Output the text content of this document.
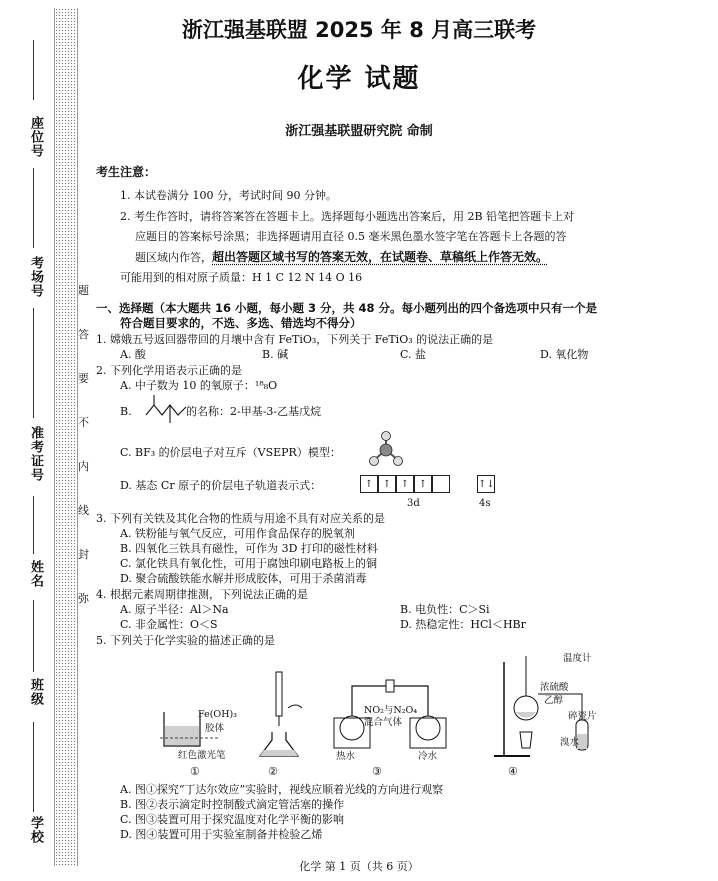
座位号
考场号
准考证号
姓名
班级
学校
题
答
要
不
内
线
封
弥
浙江强基联盟 2025 年 8 月高三联考
化学 试题
浙江强基联盟研究院 命制
考生注意：
1. 本试卷满分 100 分，考试时间 90 分钟。
2. 考生作答时，请将答案答在答题卡上。选择题每小题选出答案后，用 2B 铅笔把答题卡上对
应题目的答案标号涂黑；非选择题请用直径 0.5 毫米黑色墨水签字笔在答题卡上各题的答
题区域内作答，超出答题区域书写的答案无效，在试题卷、草稿纸上作答无效。
可能用到的相对原子质量：H 1 C 12 N 14 O 16
一、选择题（本大题共 16 小题，每小题 3 分，共 48 分。每小题列出的四个备选项中只有一个是
符合题目要求的，不选、多选、错选均不得分）
1. 嫦娥五号返回器带回的月壤中含有 FeTiO₃，下列关于 FeTiO₃ 的说法正确的是
A. 酸	B. 碱	C. 盐	D. 氧化物
2. 下列化学用语表示正确的是
A. 中子数为 10 的氧原子：¹⁸₈O
B.	的名称：2-甲基-3-乙基戊烷
C. BF₃ 的价层电子对互斥（VSEPR）模型：
D. 基态 Cr 原子的价层电子轨道表示式：	↑ ↑ ↑ ↑	↑↓
3d	4s
3. 下列有关铁及其化合物的性质与用途不具有对应关系的是
A. 铁粉能与氧气反应，可用作食品保存的脱氧剂
B. 四氧化三铁具有磁性，可作为 3D 打印的磁性材料
C. 氯化铁具有氧化性，可用于腐蚀印刷电路板上的铜
D. 聚合硫酸铁能水解并形成胶体，可用于杀菌消毒
4. 根据元素周期律推测，下列说法正确的是
A. 原子半径：Al＞Na	B. 电负性：C＞Si
C. 非金属性：O＜S	D. 热稳定性：HCl＜HBr
5. 下列关于化学实验的描述正确的是
Fe(OH)₃
胶体
红色激光笔
①	②
NO₂与N₂O₄
混合气体
热水	冷水
③
温度计
浓硫酸
乙醇
碎瓷片
溴水
④
A. 图①探究“丁达尔效应”实验时，视线应顺着光线的方向进行观察
B. 图②表示滴定时控制酸式滴定管活塞的操作
C. 图③装置可用于探究温度对化学平衡的影响
D. 图④装置可用于实验室制备并检验乙烯
化学 第 1 页（共 6 页）
